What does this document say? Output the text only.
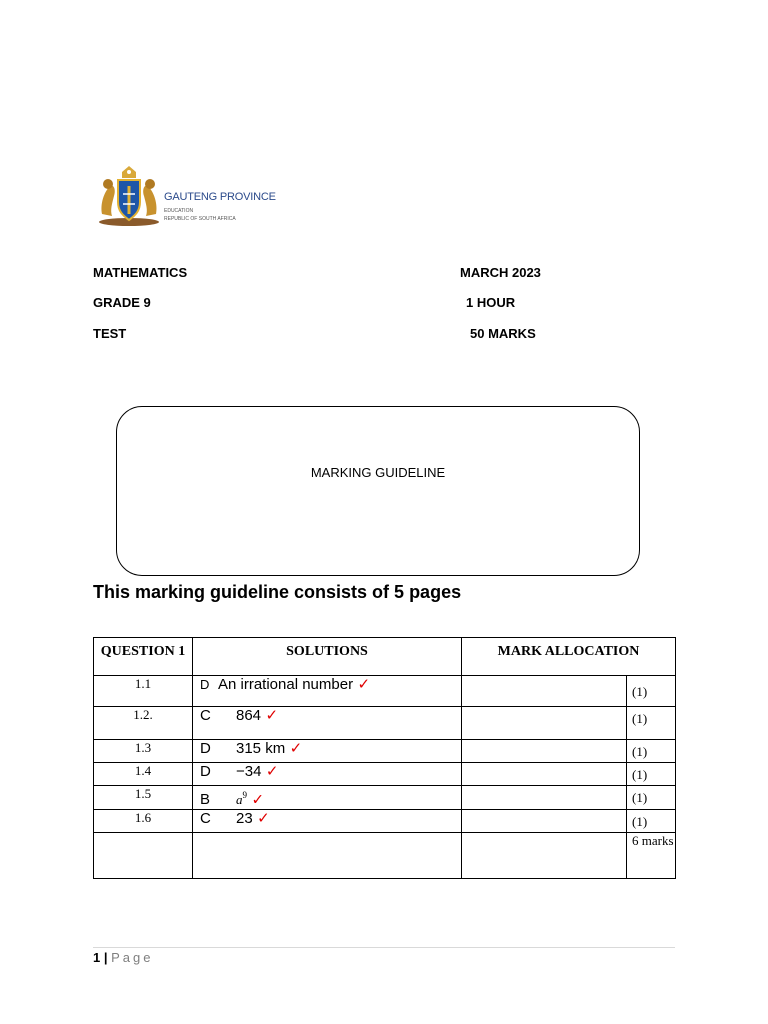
GAUTENG PROVINCE
EDUCATION
REPUBLIC OF SOUTH AFRICA
MATHEMATICS	MARCH 2023
GRADE 9	1 HOUR
TEST	50 MARKS
MARKING GUIDELINE
This marking guideline consists of 5 pages
QUESTION 1	SOLUTIONS	MARK ALLOCATION	
1.1	D An irrational number ✓		(1)
1.2.	C 864 ✓		(1)
1.3	D 315 km ✓		(1)
1.4	D −34 ✓		(1)
1.5	B $a^9$ ✓		(1)
1.6	C 23 ✓		(1)
			6 marks
1 | Page
